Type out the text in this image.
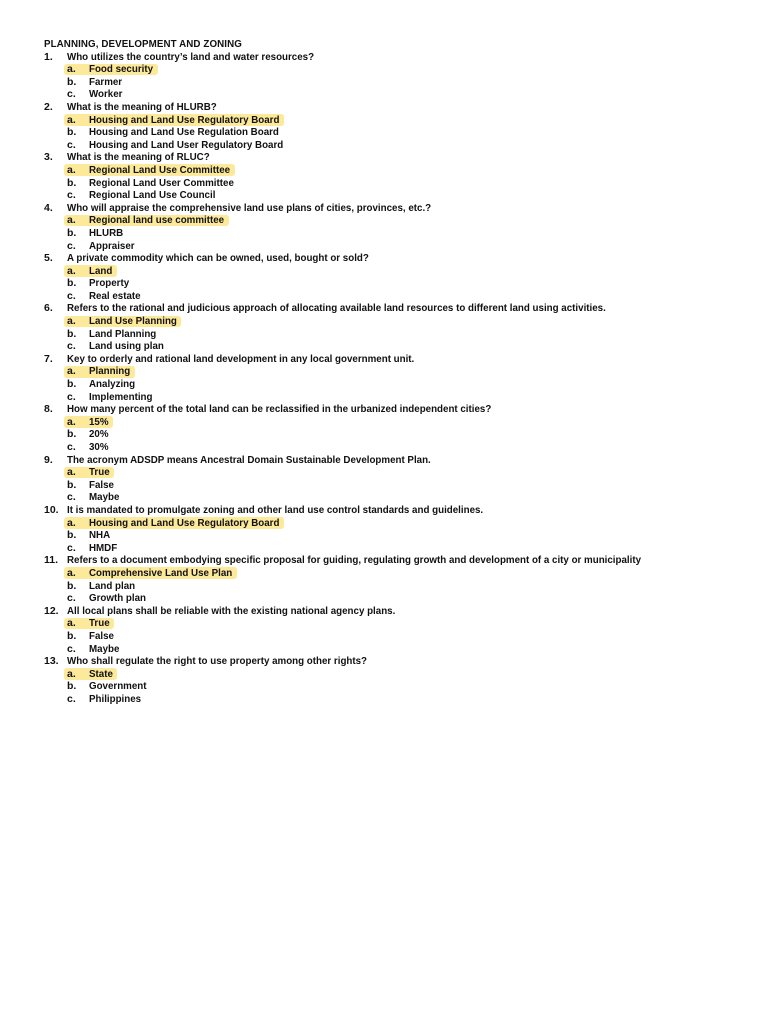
PLANNING, DEVELOPMENT AND ZONING
1.	Who utilizes the country’s land and water resources?
a. Food security
b. Farmer
c. Worker
2.	What is the meaning of HLURB?
a. Housing and Land Use Regulatory Board
b. Housing and Land Use Regulation Board
c. Housing and Land User Regulatory Board
3.	What is the meaning of RLUC?
a. Regional Land Use Committee
b. Regional Land User Committee
c. Regional Land Use Council
4.	Who will appraise the comprehensive land use plans of cities, provinces, etc.?
a. Regional land use committee
b. HLURB
c. Appraiser
5.	A private commodity which can be owned, used, bought or sold?
a. Land
b. Property
c. Real estate
6.	Refers to the rational and judicious approach of allocating available land resources to different land using activities.
a. Land Use Planning
b. Land Planning
c. Land using plan
7.	Key to orderly and rational land development in any local government unit.
a. Planning
b. Analyzing
c. Implementing
8.	How many percent of the total land can be reclassified in the urbanized independent cities?
a. 15%
b. 20%
c. 30%
9.	The acronym ADSDP means Ancestral Domain Sustainable Development Plan.
a. True
b. False
c. Maybe
10. It is mandated to promulgate zoning and other land use control standards and guidelines.
a. Housing and Land Use Regulatory Board
b. NHA
c. HMDF
11. Refers to a document embodying specific proposal for guiding, regulating growth and development of a city or municipality
a. Comprehensive Land Use Plan
b. Land plan
c. Growth plan
12. All local plans shall be reliable with the existing national agency plans.
a. True
b. False
c. Maybe
13. Who shall regulate the right to use property among other rights?
a. State
b. Government
c. Philippines
